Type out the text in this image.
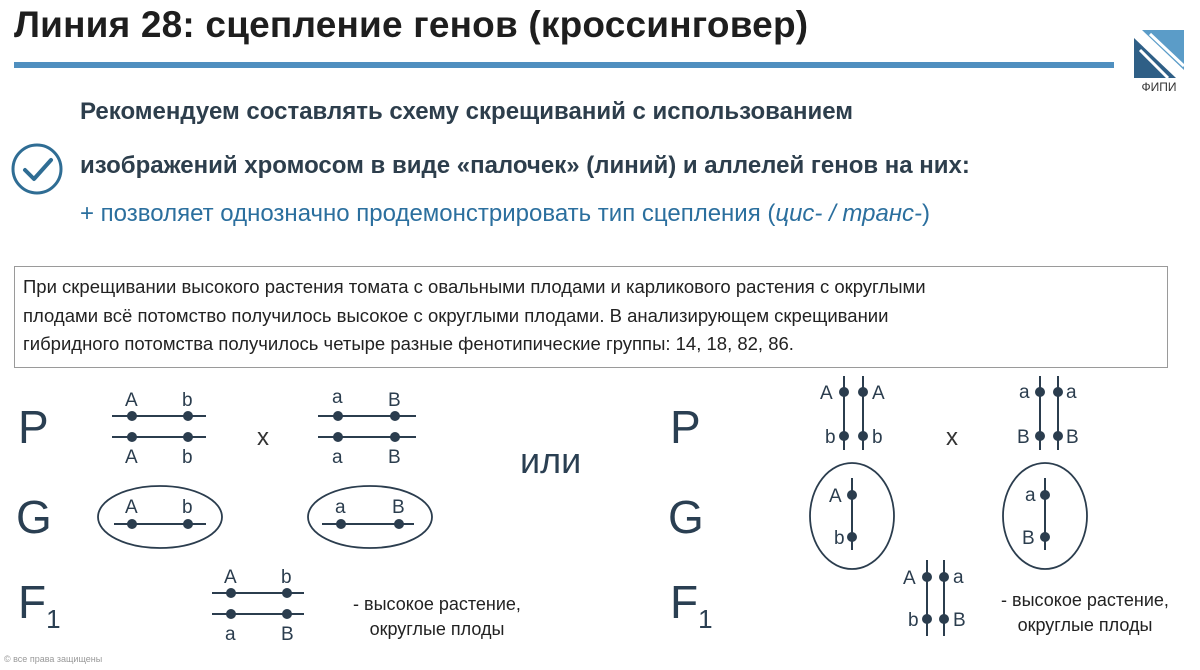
Линия 28: сцепление генов (кроссинговер)
ФИПИ
Рекомендуем составлять схему скрещиваний с использованием
изображений хромосом в виде «палочек» (линий) и аллелей генов на них:
+ позволяет однозначно продемонстрировать тип сцепления (цис- / транс-)
При скрещивании высокого растения томата с овальными плодами и карликового растения с округлыми
плодами всё потомство получилось высокое с округлыми плодами. В анализирующем скрещивании
гибридного потомства получилось четыре разные фенотипические группы: 14, 18, 82, 86.
P
G
$F_1$
P
G
$F_1$
x	x
или
- высокое растение,
округлые плоды
- высокое растение,
округлые плоды
A b
A b
a B
a B
A b	a B
A b
a B
A
b
A
b
a
B
a
B
A
b
a
B
A
b
a
B
© все права защищены
